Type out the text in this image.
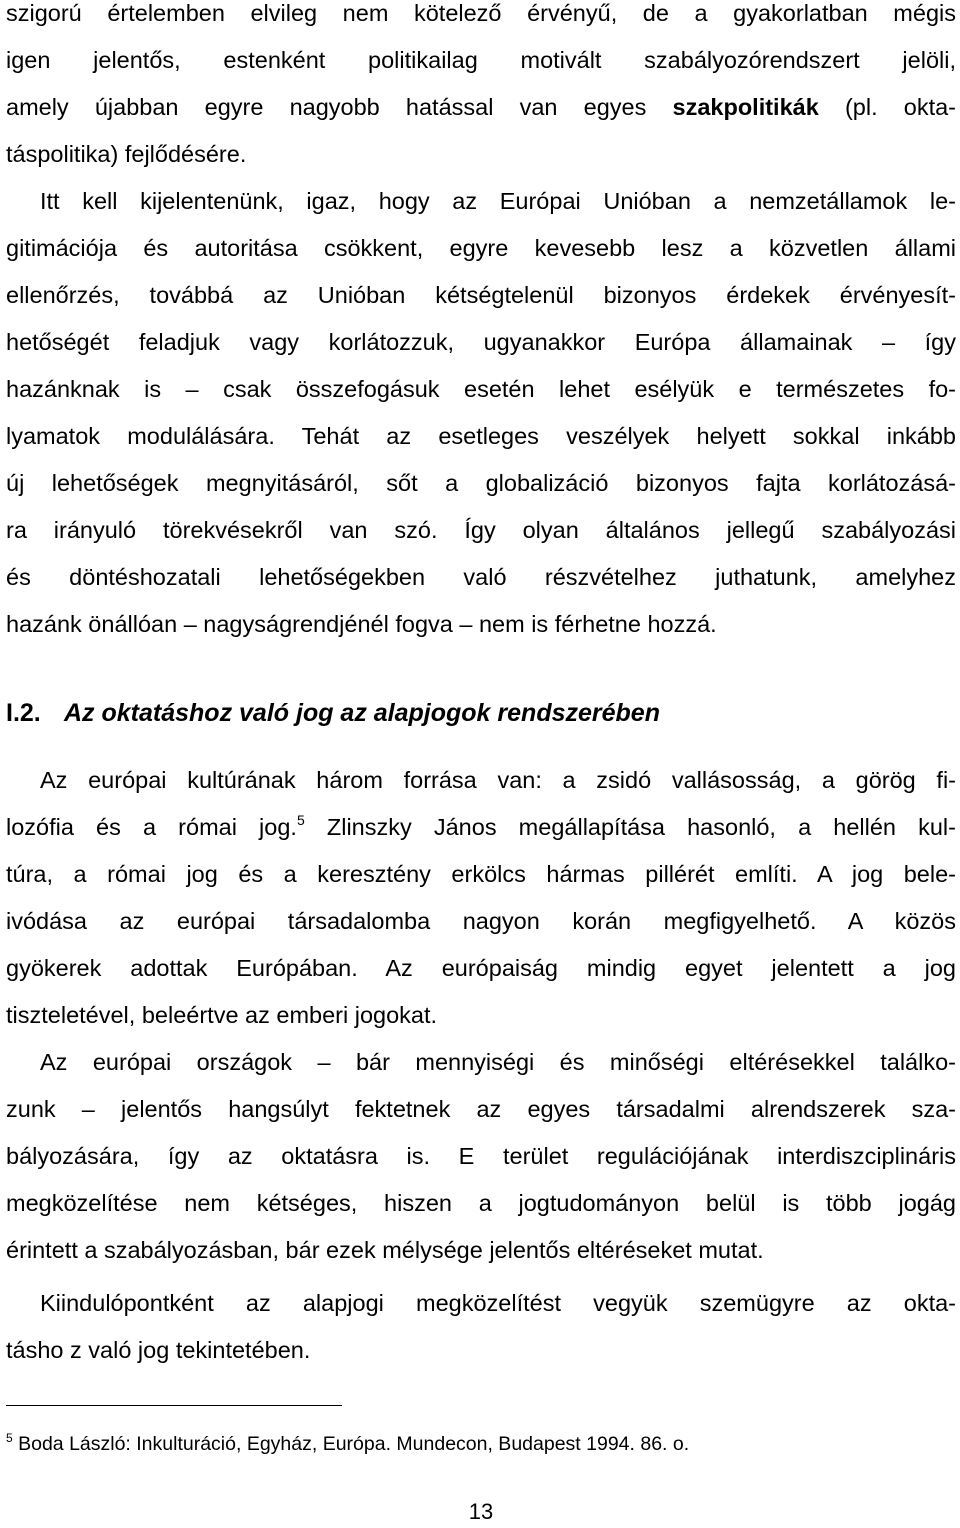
szigorú értelemben elvileg nem kötelező érvényű, de a gyakorlatban mégis
igen jelentős, estenként politikailag motivált szabályozórendszert jelöli,
amely újabban egyre nagyobb hatással van egyes szakpolitikák (pl. okta-
táspolitika) fejlődésére.
Itt kell kijelentenünk, igaz, hogy az Európai Unióban a nemzetállamok le-
gitimációja és autoritása csökkent, egyre kevesebb lesz a közvetlen állami
ellenőrzés, továbbá az Unióban kétségtelenül bizonyos érdekek érvényesít-
hetőségét feladjuk vagy korlátozzuk, ugyanakkor Európa államainak – így
hazánknak is – csak összefogásuk esetén lehet esélyük e természetes fo-
lyamatok modulálására. Tehát az esetleges veszélyek helyett sokkal inkább
új lehetőségek megnyitásáról, sőt a globalizáció bizonyos fajta korlátozásá-
ra irányuló törekvésekről van szó. Így olyan általános jellegű szabályozási
és döntéshozatali lehetőségekben való részvételhez juthatunk, amelyhez
hazánk önállóan – nagyságrendjénél fogva – nem is férhetne hozzá.
I.2. Az oktatáshoz való jog az alapjogok rendszerében
Az európai kultúrának három forrása van: a zsidó vallásosság, a görög fi-
lozófia és a római jog.$^5$ Zlinszky János megállapítása hasonló, a hellén kul-
túra, a római jog és a keresztény erkölcs hármas pillérét említi. A jog bele-
ivódása az európai társadalomba nagyon korán megfigyelhető. A közös
gyökerek adottak Európában. Az európaiság mindig egyet jelentett a jog
tiszteletével, beleértve az emberi jogokat.
Az európai országok – bár mennyiségi és minőségi eltérésekkel találko-
zunk – jelentős hangsúlyt fektetnek az egyes társadalmi alrendszerek sza-
bályozására, így az oktatásra is. E terület regulációjának interdiszciplináris
megközelítése nem kétséges, hiszen a jogtudományon belül is több jogág
érintett a szabályozásban, bár ezek mélysége jelentős eltéréseket mutat.
Kiindulópontként az alapjogi megközelítést vegyük szemügyre az okta-
tásho z való jog tekintetében.
$^5$ Boda László: Inkulturáció, Egyház, Európa. Mundecon, Budapest 1994. 86. o.
13
